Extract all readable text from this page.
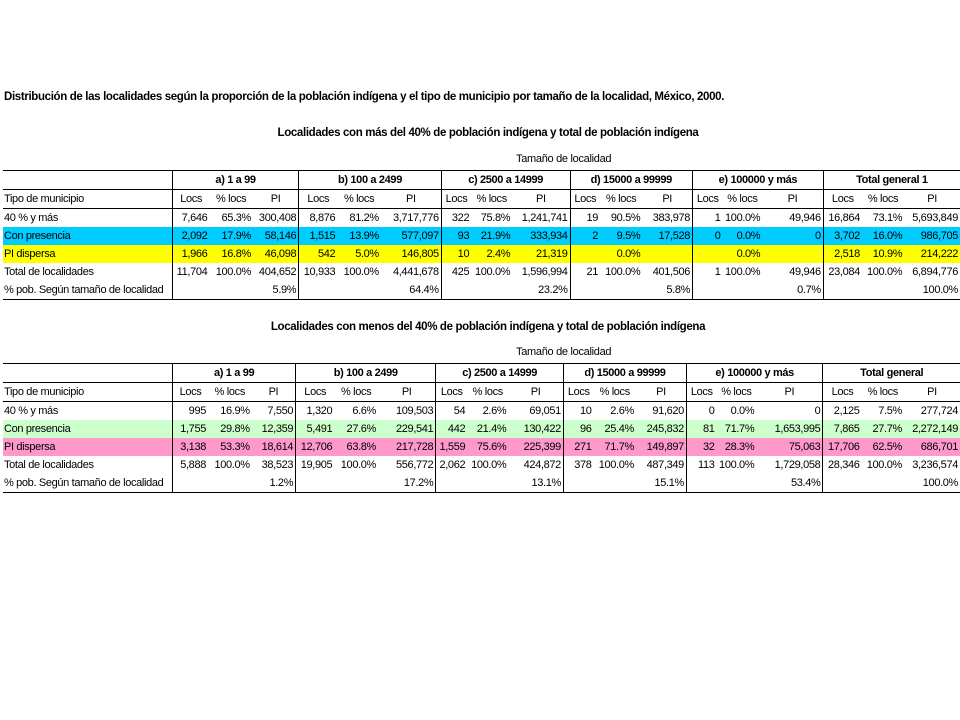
Distribución de las localidades según la proporción de la población indígena y el tipo de municipio por tamaño de la localidad, México, 2000.
Localidades con más del 40% de población indígena y total de población indígena
Tamaño de localidad
	a) 1 a 99			b) 100 a 2499			c) 2500 a 14999			d) 15000 a 99999			e) 100000 y más			Total general 1		
Tipo de municipio	Locs	% locs	PI	Locs	% locs	PI	Locs	% locs	PI	Locs	% locs	PI	Locs	% locs	PI	Locs	% locs	PI
40 % y más	7,646	65.3%	300,408	8,876	81.2%	3,717,776	322	75.8%	1,241,741	19	90.5%	383,978	1	100.0%	49,946	16,864	73.1%	5,693,849
Con presencia	2,092	17.9%	58,146	1,515	13.9%	577,097	93	21.9%	333,934	2	9.5%	17,528	0	0.0%	0	3,702	16.0%	986,705
PI dispersa	1,966	16.8%	46,098	542	5.0%	146,805	10	2.4%	21,319		0.0%			0.0%		2,518	10.9%	214,222
Total de localidades	11,704	100.0%	404,652	10,933	100.0%	4,441,678	425	100.0%	1,596,994	21	100.0%	401,506	1	100.0%	49,946	23,084	100.0%	6,894,776
% pob. Según tamaño de localidad			5.9%			64.4%			23.2%			5.8%			0.7%			100.0%
Localidades con menos del 40% de población indígena y total de población indígena
Tamaño de localidad
	a) 1 a 99			b) 100 a 2499			c) 2500 a 14999			d) 15000 a 99999			e) 100000 y más			Total general		
Tipo de municipio	Locs	% locs	PI	Locs	% locs	PI	Locs	% locs	PI	Locs	% locs	PI	Locs	% locs	PI	Locs	% locs	PI
40 % y más	995	16.9%	7,550	1,320	6.6%	109,503	54	2.6%	69,051	10	2.6%	91,620	0	0.0%	0	2,125	7.5%	277,724
Con presencia	1,755	29.8%	12,359	5,491	27.6%	229,541	442	21.4%	130,422	96	25.4%	245,832	81	71.7%	1,653,995	7,865	27.7%	2,272,149
PI dispersa	3,138	53.3%	18,614	12,706	63.8%	217,728	1,559	75.6%	225,399	271	71.7%	149,897	32	28.3%	75,063	17,706	62.5%	686,701
Total de localidades	5,888	100.0%	38,523	19,905	100.0%	556,772	2,062	100.0%	424,872	378	100.0%	487,349	113	100.0%	1,729,058	28,346	100.0%	3,236,574
% pob. Según tamaño de localidad			1.2%			17.2%			13.1%			15.1%			53.4%			100.0%
